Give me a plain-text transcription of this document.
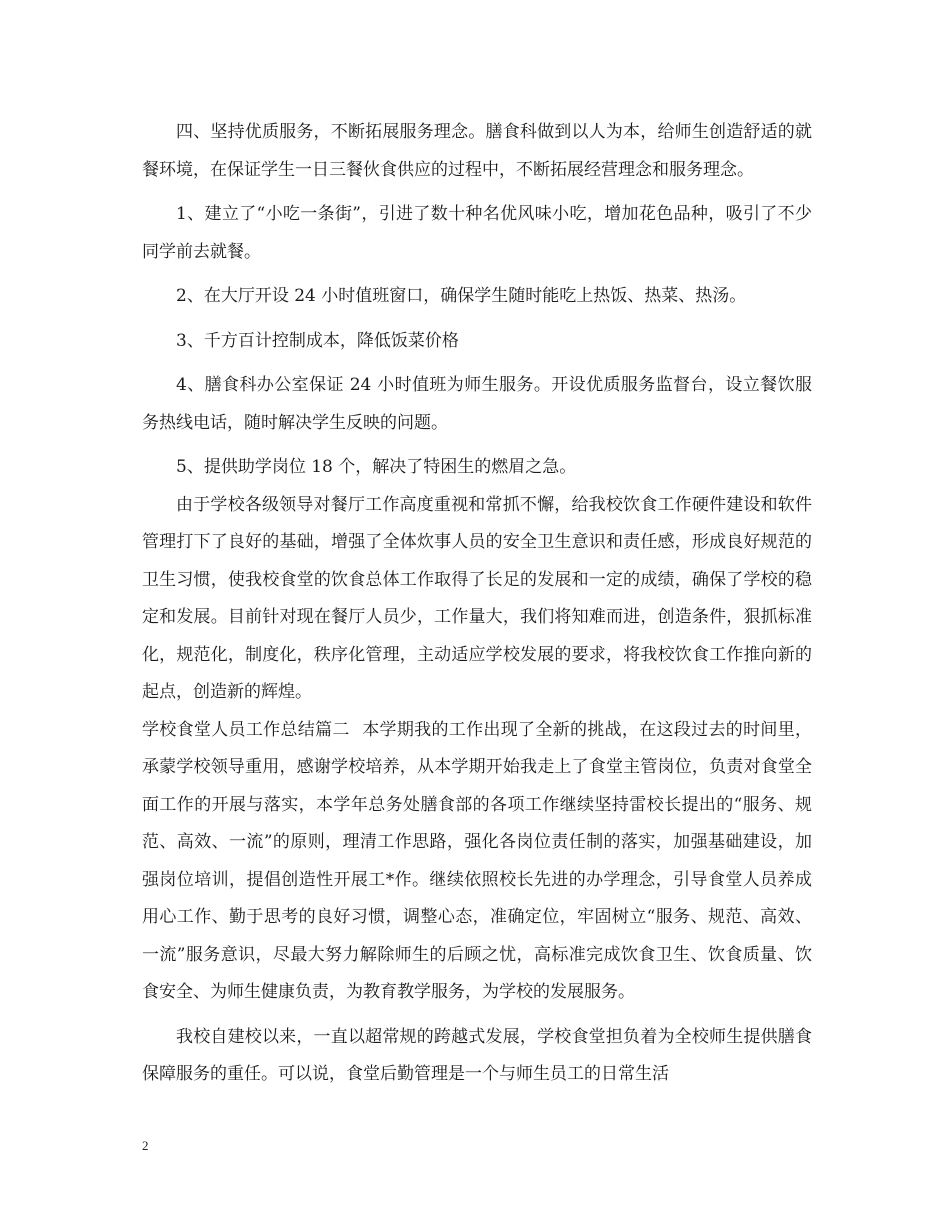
四、坚持优质服务，不断拓展服务理念。膳食科做到以人为本，给师生创造舒适的就餐环境，在保证学生一日三餐伙食供应的过程中，不断拓展经营理念和服务理念。

1、建立了“小吃一条街”，引进了数十种名优风味小吃，增加花色品种，吸引了不少同学前去就餐。

2、在大厅开设 24 小时值班窗口，确保学生随时能吃上热饭、热菜、热汤。

3、千方百计控制成本，降低饭菜价格

4、膳食科办公室保证 24 小时值班为师生服务。开设优质服务监督台，设立餐饮服务热线电话，随时解决学生反映的问题。

5、提供助学岗位 18 个，解决了特困生的燃眉之急。

由于学校各级领导对餐厅工作高度重视和常抓不懈，给我校饮食工作硬件建设和软件管理打下了良好的基础，增强了全体炊事人员的安全卫生意识和责任感，形成良好规范的卫生习惯，使我校食堂的饮食总体工作取得了长足的发展和一定的成绩，确保了学校的稳定和发展。目前针对现在餐厅人员少，工作量大，我们将知难而进，创造条件，狠抓标准化，规范化，制度化，秩序化管理，主动适应学校发展的要求，将我校饮食工作推向新的起点，创造新的辉煌。

学校食堂人员工作总结篇二	本学期我的工作出现了全新的挑战，在这段过去的时间里，承蒙学校领导重用，感谢学校培养，从本学期开始我走上了食堂主管岗位，负责对食堂全面工作的开展与落实，本学年总务处膳食部的各项工作继续坚持雷校长提出的“服务、规范、高效、一流”的原则，理清工作思路，强化各岗位责任制的落实，加强基础建设，加强岗位培训，提倡创造性开展工*作。继续依照校长先进的办学理念，引导食堂人员养成用心工作、勤于思考的良好习惯，调整心态，准确定位，牢固树立“服务、规范、高效、一流”服务意识，尽最大努力解除师生的后顾之忧，高标准完成饮食卫生、饮食质量、饮食安全、为师生健康负责，为教育教学服务，为学校的发展服务。

我校自建校以来，一直以超常规的跨越式发展，学校食堂担负着为全校师生提供膳食保障服务的重任。可以说，食堂后勤管理是一个与师生员工的日常生活

2
